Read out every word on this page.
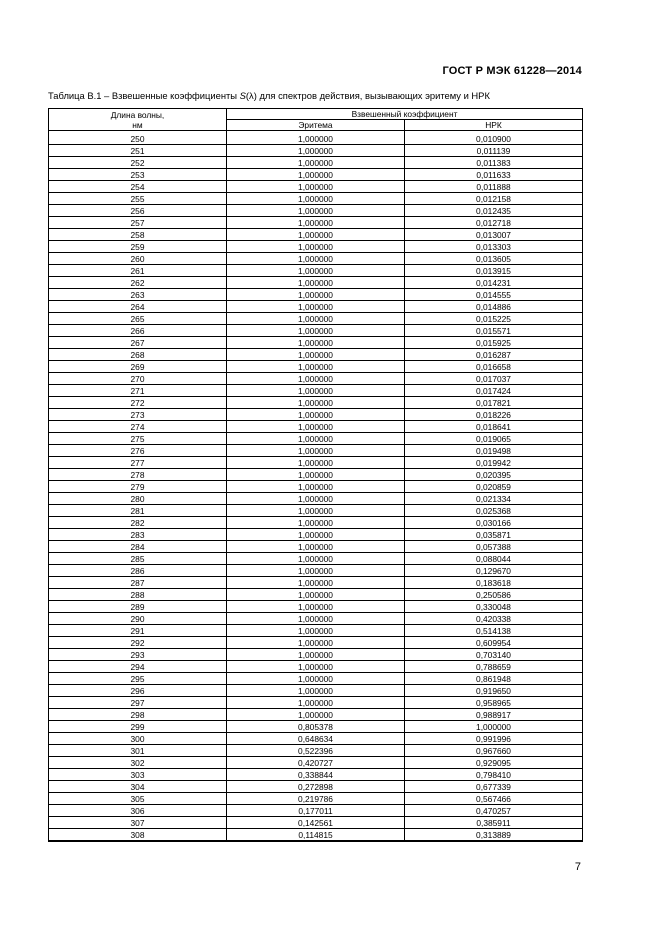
ГОСТ Р МЭК 61228—2014
Таблица В.1 – Взвешенные коэффициенты S(λ) для спектров действия, вызывающих эритему и НРК
Длина волны,
нм	Взвешенный коэффициент	
	Эритема	НРК

250	1,000000	0,010900
251	1,000000	0,011139
252	1,000000	0,011383
253	1,000000	0,011633
254	1,000000	0,011888
255	1,000000	0,012158
256	1,000000	0,012435
257	1,000000	0,012718
258	1,000000	0,013007
259	1,000000	0,013303
260	1,000000	0,013605
261	1,000000	0,013915
262	1,000000	0,014231
263	1,000000	0,014555
264	1,000000	0,014886
265	1,000000	0,015225
266	1,000000	0,015571
267	1,000000	0,015925
268	1,000000	0,016287
269	1,000000	0,016658
270	1,000000	0,017037
271	1,000000	0,017424
272	1,000000	0,017821
273	1,000000	0,018226
274	1,000000	0,018641
275	1,000000	0,019065
276	1,000000	0,019498
277	1,000000	0,019942
278	1,000000	0,020395
279	1,000000	0,020859
280	1,000000	0,021334
281	1,000000	0,025368
282	1,000000	0,030166
283	1,000000	0,035871
284	1,000000	0,057388
285	1,000000	0,088044
286	1,000000	0,129670
287	1,000000	0,183618
288	1,000000	0,250586
289	1,000000	0,330048
290	1,000000	0,420338
291	1,000000	0,514138
292	1,000000	0,609954
293	1,000000	0,703140
294	1,000000	0,788659
295	1,000000	0,861948
296	1,000000	0,919650
297	1,000000	0,958965
298	1,000000	0,988917
299	0,805378	1,000000
300	0,648634	0,991996
301	0,522396	0,967660
302	0,420727	0,929095
303	0,338844	0,798410
304	0,272898	0,677339
305	0,219786	0,567466
306	0,177011	0,470257
307	0,142561	0,385911
308	0,114815	0,313889
7
